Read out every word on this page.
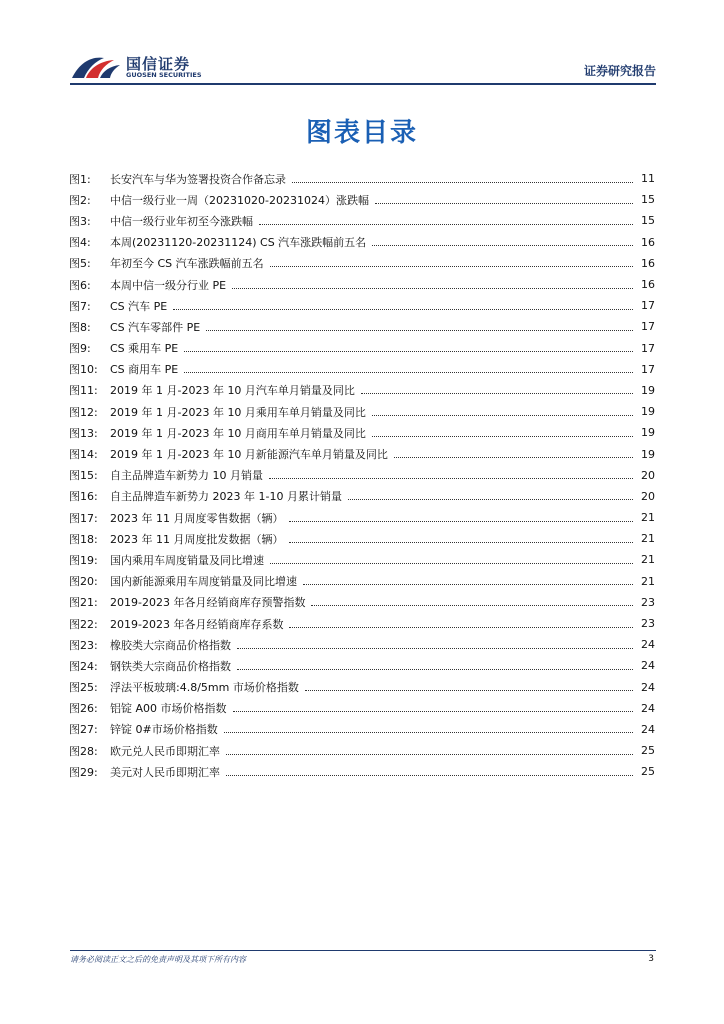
国信证券
GUOSEN SECURITIES	证券研究报告
图表目录
图1:	长安汽车与华为签署投资合作备忘录	11
图2:	中信一级行业一周（20231020-20231024）涨跌幅	15
图3:	中信一级行业年初至今涨跌幅	15
图4:	本周(20231120-20231124) CS 汽车涨跌幅前五名	16
图5:	年初至今 CS 汽车涨跌幅前五名	16
图6:	本周中信一级分行业 PE	16
图7:	CS 汽车 PE	17
图8:	CS 汽车零部件 PE	17
图9:	CS 乘用车 PE	17
图10:	CS 商用车 PE	17
图11:	2019 年 1 月-2023 年 10 月汽车单月销量及同比	19
图12:	2019 年 1 月-2023 年 10 月乘用车单月销量及同比	19
图13:	2019 年 1 月-2023 年 10 月商用车单月销量及同比	19
图14:	2019 年 1 月-2023 年 10 月新能源汽车单月销量及同比	19
图15:	自主品牌造车新势力 10 月销量	20
图16:	自主品牌造车新势力 2023 年 1-10 月累计销量	20
图17:	2023 年 11 月周度零售数据（辆）	21
图18:	2023 年 11 月周度批发数据（辆）	21
图19:	国内乘用车周度销量及同比增速	21
图20:	国内新能源乘用车周度销量及同比增速	21
图21:	2019-2023 年各月经销商库存预警指数	23
图22:	2019-2023 年各月经销商库存系数	23
图23:	橡胶类大宗商品价格指数	24
图24:	钢铁类大宗商品价格指数	24
图25:	浮法平板玻璃:4.8/5mm 市场价格指数	24
图26:	铝锭 A00 市场价格指数	24
图27:	锌锭 0#市场价格指数	24
图28:	欧元兑人民币即期汇率	25
图29:	美元对人民币即期汇率	25
请务必阅读正文之后的免责声明及其项下所有内容	3
